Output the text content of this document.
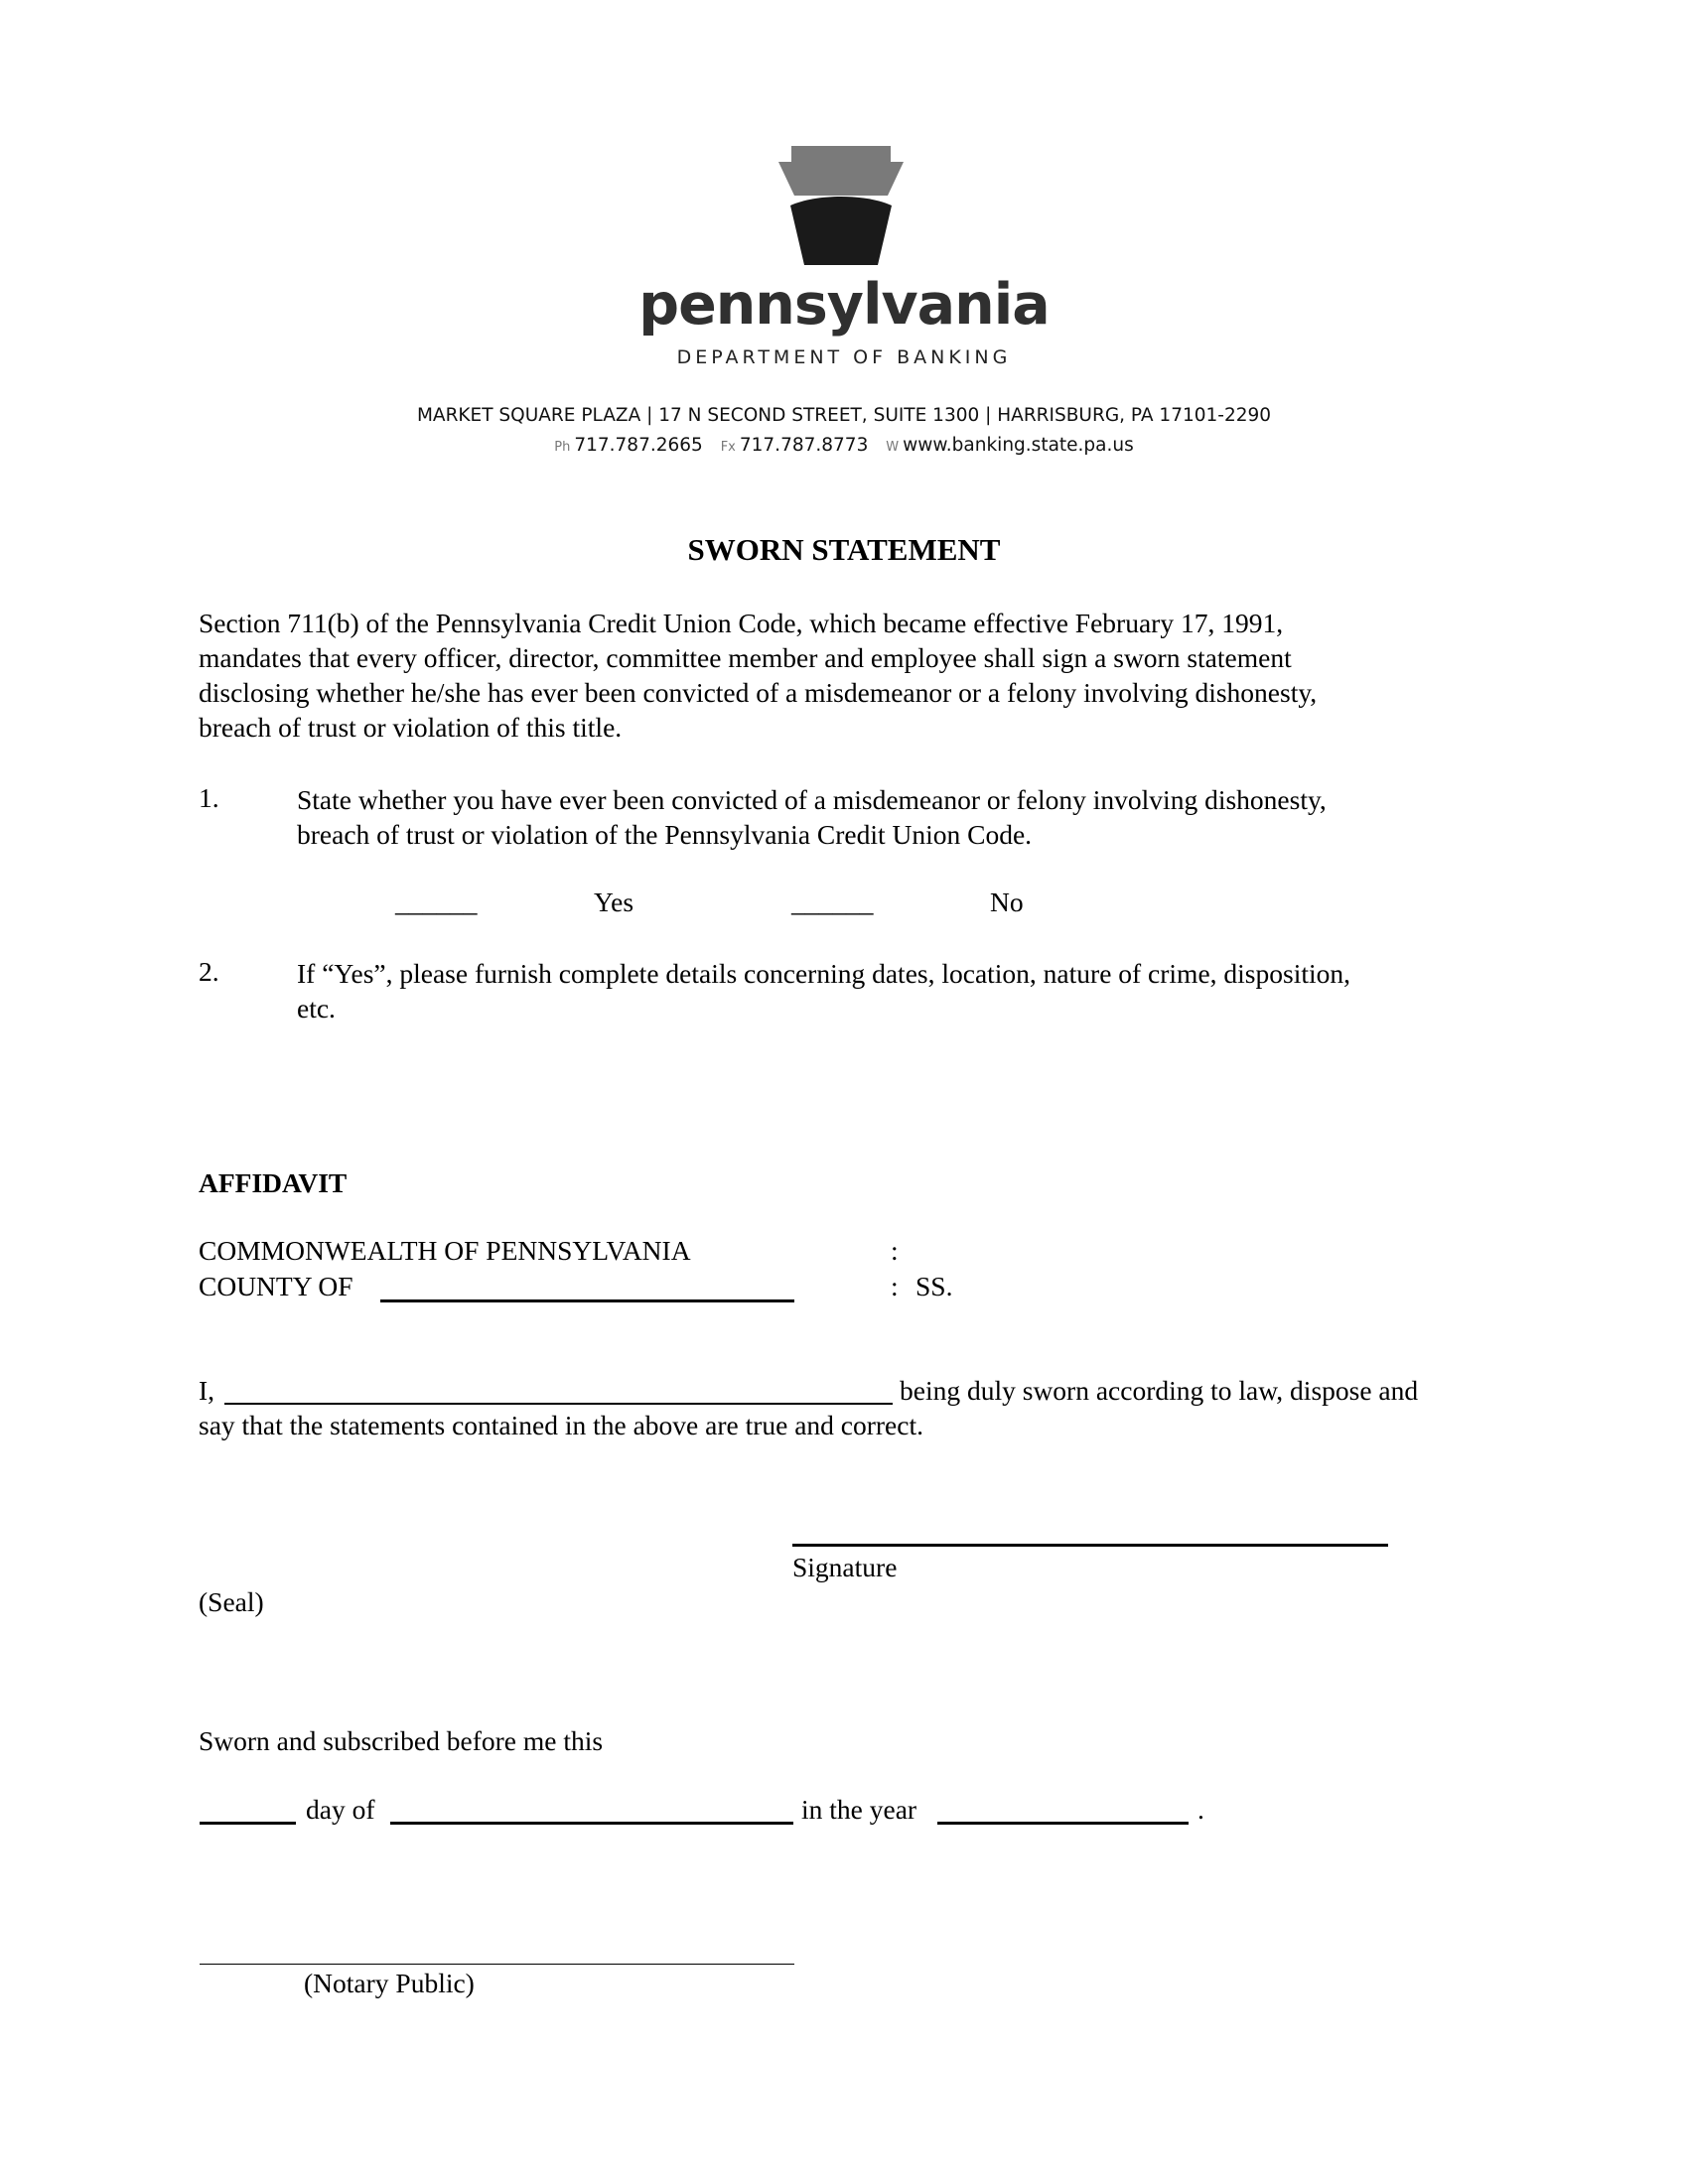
pennsylvania
DEPARTMENT OF BANKING
MARKET SQUARE PLAZA | 17 N SECOND STREET, SUITE 1300 | HARRISBURG, PA 17101-2290
Ph 717.787.2665 Fx 717.787.8773 W www.banking.state.pa.us
SWORN STATEMENT
Section 711(b) of the Pennsylvania Credit Union Code, which became effective February 17, 1991,
mandates that every officer, director, committee member and employee shall sign a sworn statement
disclosing whether he/she has ever been convicted of a misdemeanor or a felony involving dishonesty,
breach of trust or violation of this title.
1.	State whether you have ever been convicted of a misdemeanor or felony involving dishonesty,
breach of trust or violation of the Pennsylvania Credit Union Code.
______	Yes	______	No
2.	If “Yes”, please furnish complete details concerning dates, location, nature of crime, disposition,
etc.
AFFIDAVIT
COMMONWEALTH OF PENNSYLVANIA	:
COUNTY OF	: SS.
I,	being duly sworn according to law, dispose and
say that the statements contained in the above are true and correct.
Signature
(Seal)
Sworn and subscribed before me this
day of	in the year	.
(Notary Public)
